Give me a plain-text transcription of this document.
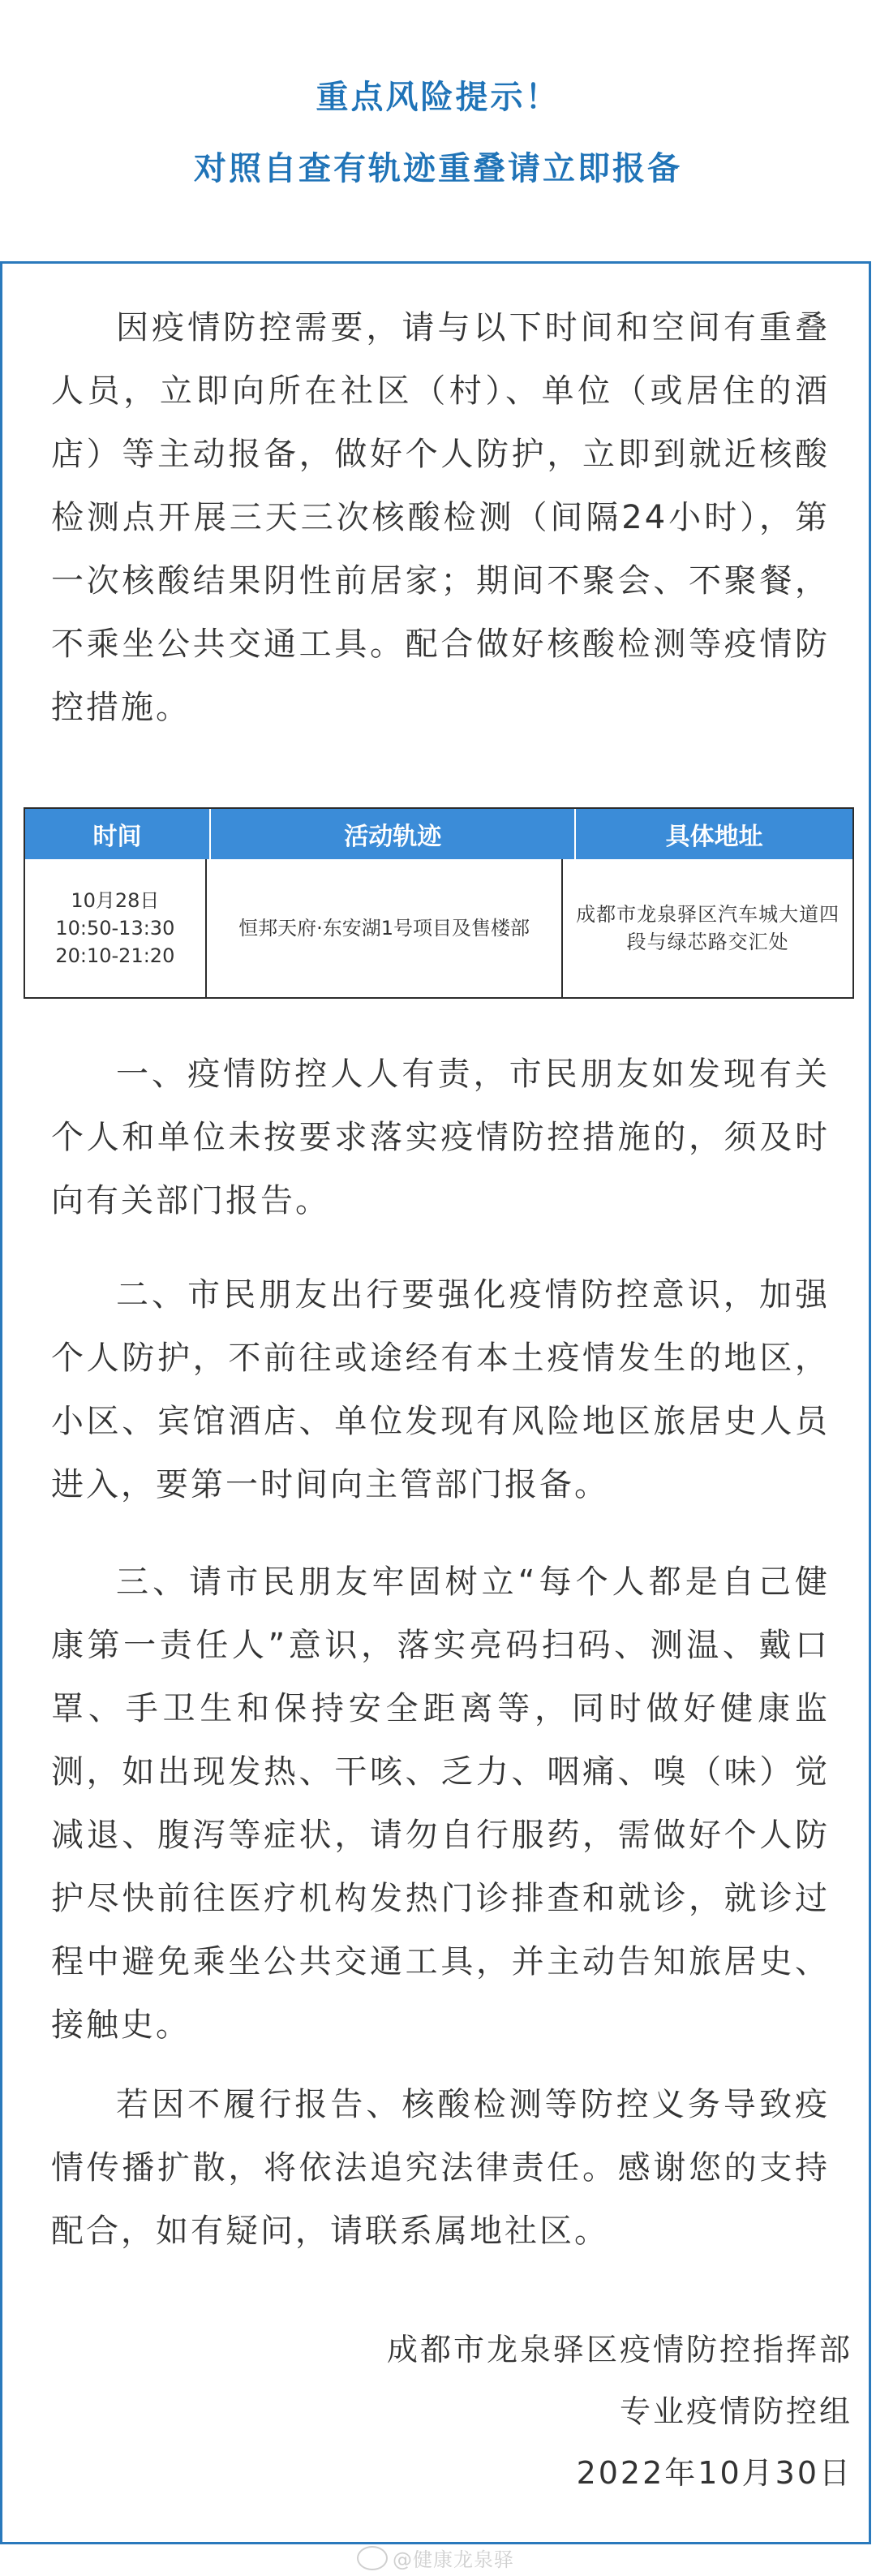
重点风险提示！
对照自查有轨迹重叠请立即报备
因疫情防控需要，请与以下时间和空间有重叠人员，立即向所在社区（村）、单位（或居住的酒店）等主动报备，做好个人防护，立即到就近核酸检测点开展三天三次核酸检测（间隔24小时），第一次核酸结果阴性前居家；期间不聚会、不聚餐，不乘坐公共交通工具。配合做好核酸检测等疫情防控措施。
时间	活动轨迹	具体地址
10月28日
10:50-13:30
20:10-21:20
恒邦天府·东安湖1号项目及售楼部
成都市龙泉驿区汽车城大道四段与绿芯路交汇处
一、疫情防控人人有责，市民朋友如发现有关个人和单位未按要求落实疫情防控措施的，须及时向有关部门报告。
二、市民朋友出行要强化疫情防控意识，加强个人防护，不前往或途经有本土疫情发生的地区，小区、宾馆酒店、单位发现有风险地区旅居史人员进入，要第一时间向主管部门报备。
三、请市民朋友牢固树立“每个人都是自己健康第一责任人”意识，落实亮码扫码、测温、戴口罩、手卫生和保持安全距离等，同时做好健康监测，如出现发热、干咳、乏力、咽痛、嗅（味）觉减退、腹泻等症状，请勿自行服药，需做好个人防护尽快前往医疗机构发热门诊排查和就诊，就诊过程中避免乘坐公共交通工具，并主动告知旅居史、接触史。
若因不履行报告、核酸检测等防控义务导致疫情传播扩散，将依法追究法律责任。感谢您的支持配合，如有疑问，请联系属地社区。
成都市龙泉驿区疫情防控指挥部
专业疫情防控组
2022年10月30日
@健康龙泉驿
